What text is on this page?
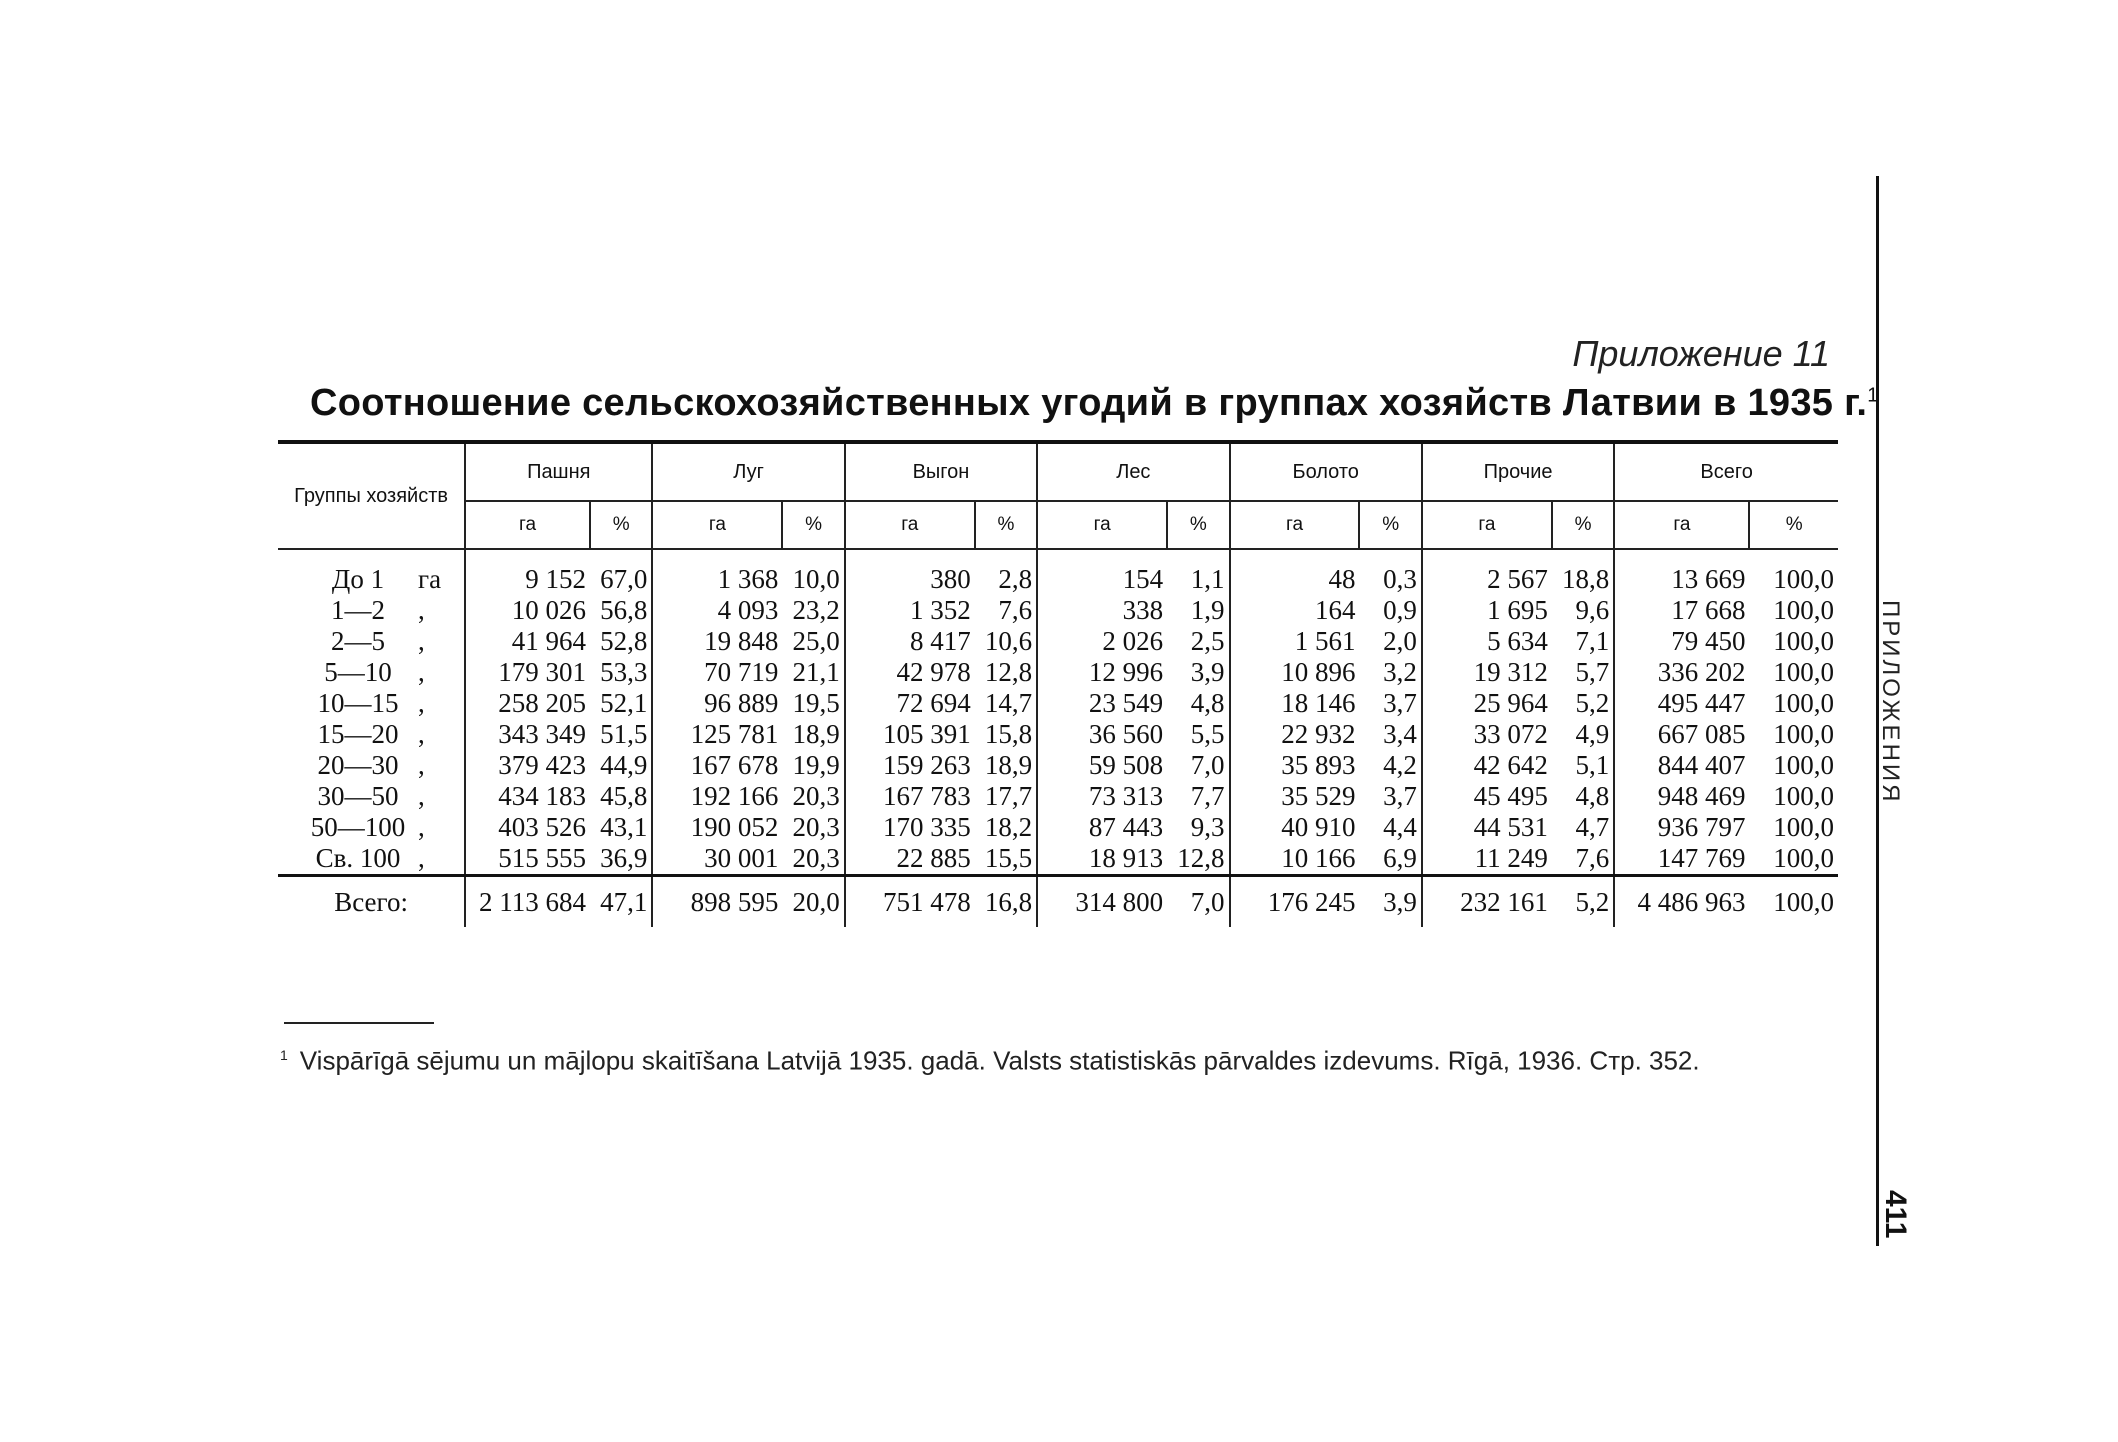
Приложение 11
Соотношение сельскохозяйственных угодий в группах хозяйств Латвии в 1935 г.$^1$
Группы хозяйств	Пашня		Луг		Выгон		Лес		Болото		Прочие		Всего	
	га	%	га	%	га	%	га	%	га	%	га	%	га	%
До 1 га	9 152	67,0	1 368	10,0	380	2,8	154	1,1	48	0,3	2 567	18,8	13 669	100,0
1—2 ,	10 026	56,8	4 093	23,2	1 352	7,6	338	1,9	164	0,9	1 695	9,6	17 668	100,0
2—5 ,	41 964	52,8	19 848	25,0	8 417	10,6	2 026	2,5	1 561	2,0	5 634	7,1	79 450	100,0
5—10 ,	179 301	53,3	70 719	21,1	42 978	12,8	12 996	3,9	10 896	3,2	19 312	5,7	336 202	100,0
10—15 ,	258 205	52,1	96 889	19,5	72 694	14,7	23 549	4,8	18 146	3,7	25 964	5,2	495 447	100,0
15—20 ,	343 349	51,5	125 781	18,9	105 391	15,8	36 560	5,5	22 932	3,4	33 072	4,9	667 085	100,0
20—30 ,	379 423	44,9	167 678	19,9	159 263	18,9	59 508	7,0	35 893	4,2	42 642	5,1	844 407	100,0
30—50 ,	434 183	45,8	192 166	20,3	167 783	17,7	73 313	7,7	35 529	3,7	45 495	4,8	948 469	100,0
50—100 ,	403 526	43,1	190 052	20,3	170 335	18,2	87 443	9,3	40 910	4,4	44 531	4,7	936 797	100,0
Св. 100 ,	515 555	36,9	30 001	20,3	22 885	15,5	18 913	12,8	10 166	6,9	11 249	7,6	147 769	100,0
Всего:	2 113 684	47,1	898 595	20,0	751 478	16,8	314 800	7,0	176 245	3,9	232 161	5,2	4 486 963	100,0
$^1$ Vispārīgā sējumu un mājlopu skaitīšana Latvijā 1935. gadā. Valsts statistiskās pārvaldes izdevums. Rīgā, 1936. Стр. 352.
ПРИЛОЖЕНИЯ
411
